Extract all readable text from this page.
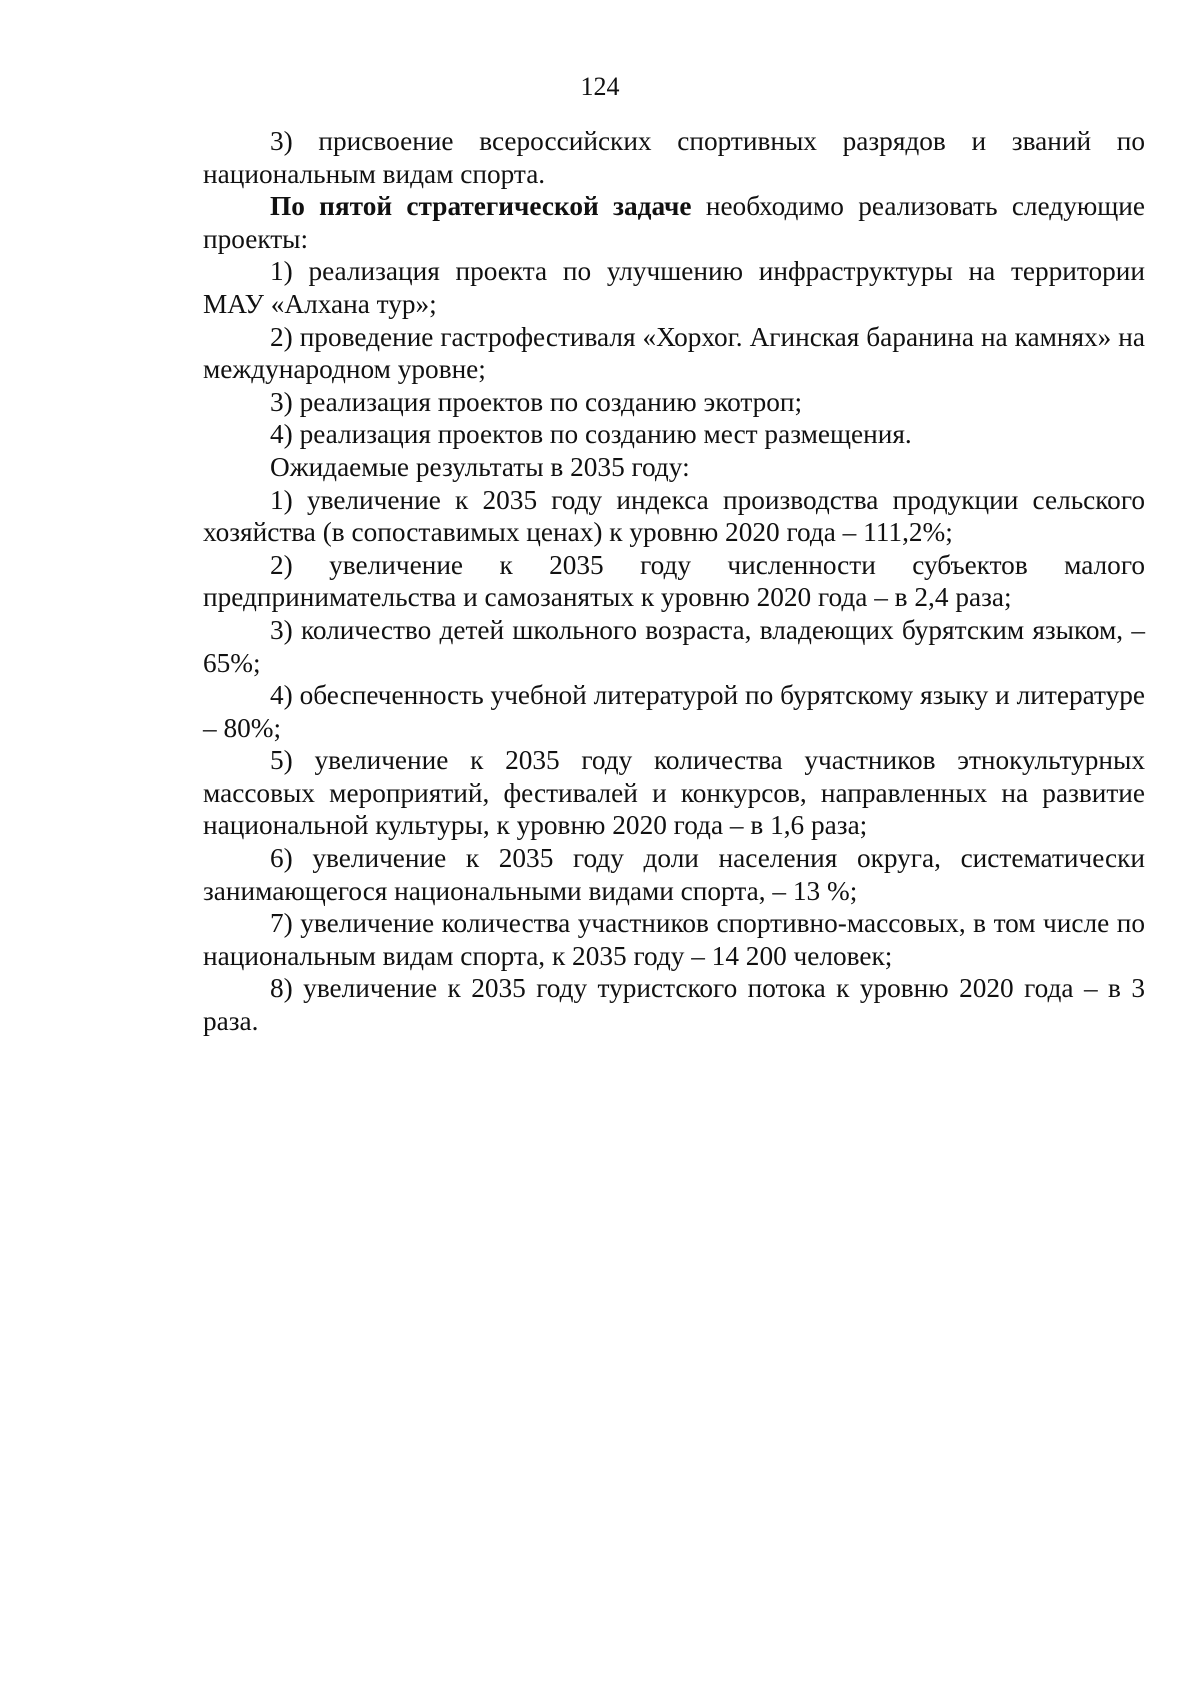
124

3) присвоение всероссийских спортивных разрядов и званий по национальным видам спорта.

По пятой стратегической задаче необходимо реализовать следующие проекты:

1) реализация проекта по улучшению инфраструктуры на территории МАУ «Алхана тур»;

2) проведение гастрофестиваля «Хорхог. Агинская баранина на камнях» на международном уровне;

3) реализация проектов по созданию экотроп;

4) реализация проектов по созданию мест размещения.

Ожидаемые результаты в 2035 году:

1) увеличение к 2035 году индекса производства продукции сельского хозяйства (в сопоставимых ценах) к уровню 2020 года – 111,2%;

2) увеличение к 2035 году численности субъектов малого предпринимательства и самозанятых к уровню 2020 года – в 2,4 раза;

3) количество детей школьного возраста, владеющих бурятским языком, – 65%;

4) обеспеченность учебной литературой по бурятскому языку и литературе – 80%;

5) увеличение к 2035 году количества участников этнокультурных массовых мероприятий, фестивалей и конкурсов, направленных на развитие национальной культуры, к уровню 2020 года – в 1,6 раза;

6) увеличение к 2035 году доли населения округа, систематически занимающегося национальными видами спорта, – 13 %;

7) увеличение количества участников спортивно-массовых, в том числе по национальным видам спорта, к 2035 году – 14 200 человек;

8) увеличение к 2035 году туристского потока к уровню 2020 года – в 3 раза.
